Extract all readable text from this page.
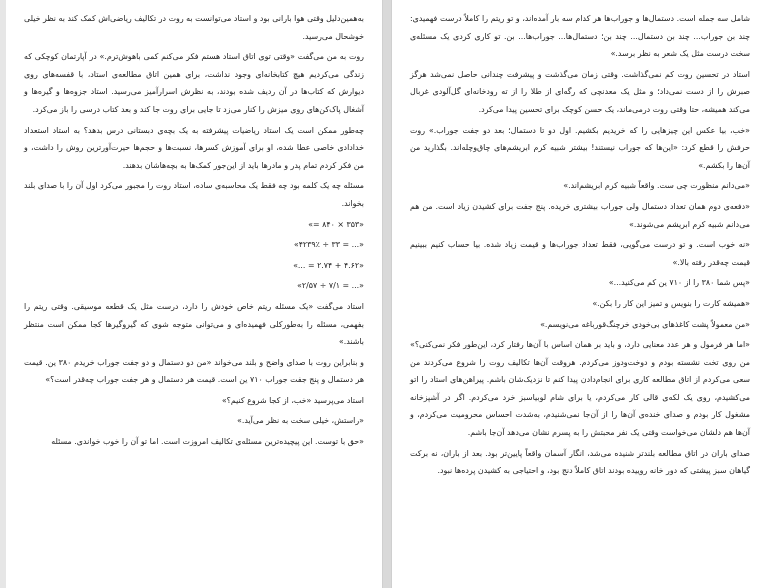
به‌همین‌دلیل وقتی هوا بارانی بود و استاد می‌توانست به روت در تکالیف ریاضی‌اش کمک کند به نظر خیلی خوشحال می‌رسید.

روت به من می‌گفت «وقتی توی اتاق استاد هستم فکر می‌کنم کمی باهوش‌ترم.» در آپارتمان کوچکی که زندگی می‌کردیم هیچ کتابخانه‌ای وجود نداشت، برای همین اتاق مطالعه‌ی استاد، با قفسه‌های روی دیوارش که کتاب‌ها در آن ردیف شده بودند، به نظرش اسرارآمیز می‌رسید. استاد جزوه‌ها و گیره‌ها و آشغال پاک‌کن‌های روی میزش را کنار می‌زد تا جایی برای روت جا کند و بعد کتاب درسی را باز می‌کرد.

چه‌طور ممکن است یک استاد ریاضیات پیشرفته به یک بچه‌ی دبستانی درس بدهد؟ به استاد استعداد خدادادی خاصی عطا شده، او برای آموزش کسرها، نسبت‌ها و حجم‌ها حیرت‌آورترین روش را داشت، و من فکر کردم تمام پدر و مادرها باید از این‌جور کمک‌ها به بچه‌هاشان بدهند.

مسئله چه یک کلمه بود چه فقط یک محاسبه‌ی ساده، استاد روت را مجبور می‌کرد اول آن را با صدای بلند بخواند.

«۳۵۳ × ۸۴۰ =»

«... = ۳۳ ÷ ۴۲۳۹٪»

«۴.۶۲ + ۲.۷۴ = ...»

«... = ۷/۱ ÷ ۲/۵۷»

استاد می‌گفت «یک مسئله ریتم خاص خودش را دارد، درست مثل یک قطعه موسیقی. وقتی ریتم را بفهمی، مسئله را به‌طورکلی فهمیده‌ای و می‌توانی متوجه شوی که گیروگیرها کجا ممکن است منتظر باشند.»

و بنابراین روت با صدای واضح و بلند می‌خواند «من دو دستمال و دو جفت جوراب خریدم ۳۸۰ ین. قیمت هر دستمال و پنج جفت جوراب ۷۱۰ ین است. قیمت هر دستمال و هر جفت جوراب چه‌قدر است؟»

استاد می‌پرسید «خب، از کجا شروع کنیم؟»

«راستش، خیلی سخت به نظر می‌آید.»

«حق با توست. این پیچیده‌ترین مسئله‌ی تکالیف امروزت است. اما تو آن را خوب خواندی. مسئله

شامل سه جمله است. دستمال‌ها و جوراب‌ها هر کدام سه بار آمده‌اند، و تو ریتم را کاملاً درست فهمیدی: چند بن جوراب... چند بن دستمال... چند بن؛ دستمال‌ها... جوراب‌ها... بن. تو کاری کردی یک مسئله‌ی سخت درست مثل یک شعر به نظر برسد.»

استاد در تحسین روت کم نمی‌گذاشت. وقتی زمان می‌گذشت و پیشرفت چندانی حاصل نمی‌شد هرگز صبرش را از دست نمی‌داد؛ و مثل یک معدنچی که رگه‌ای از طلا را از ته رودخانه‌ای گل‌آلودی غربال می‌کند همیشه، حتا وقتی روت درمی‌ماند، یک حسن کوچک برای تحسین پیدا می‌کرد.

«خب، بیا عکس این چیزهایی را که خریدیم بکشیم. اول دو تا دستمال؛ بعد دو جفت جوراب.» روت حرفش را قطع کرد: «این‌ها که جوراب نیستند! بیشتر شبیه کرم ابریشم‌های چاق‌وچله‌اند. بگذارید من آن‌ها را بکشم.»

«می‌دانم منظورت چی ست. واقعاً شبیه کرم ابریشم‌اند.»

«دفعه‌ی دوم همان تعداد دستمال ولی جوراب بیشتری خریده. پنج جفت برای کشیدن زیاد است. من هم می‌دانم شبیه کرم ابریشم می‌شوند.»

«نه خوب است. و تو درست می‌گویی، فقط تعداد جوراب‌ها و قیمت زیاد شده. بیا حساب کنیم ببینیم قیمت چه‌قدر رفته بالا.»

«پس شما ۳۸۰ را از ۷۱۰ ین کم می‌کنید...»

«همیشه کارت را بنویس و تمیز این کار را بکن.»

«من معمولاً پشت کاغذهای بی‌خودی خرچنگ‌قورباغه می‌نویسم.»

«اما هر فرمول و هر عدد معنایی دارد، و باید بر همان اساس با آن‌ها رفتار کرد، این‌طور فکر نمی‌کنی؟» من روی تخت نشسته بودم و دوخت‌ودوز می‌کردم. هروقت آن‌ها تکالیف روت را شروع می‌کردند من سعی می‌کردم از اتاق مطالعه کاری برای انجام‌دادن پیدا کنم تا نزدیک‌شان باشم. پیراهن‌های استاد را اتو می‌کشیدم، روی یک لکه‌ی قالی کار می‌کردم، یا برای شام لوبیاسبز خرد می‌کردم. اگر در آشپزخانه مشغول کار بودم و صدای خنده‌ی آن‌ها را از آن‌جا نمی‌شنیدم، به‌شدت احساس محرومیت می‌کردم، و آن‌ها هم دلشان می‌خواست وقتی یک نفر محبتش را به پسرم نشان می‌دهد آن‌جا باشم.

صدای باران در اتاق مطالعه بلندتر شنیده می‌شد، انگار آسمان واقعاً پایین‌تر بود. بعد از باران، نه برکت گیاهان سبز پیشتی که دور خانه روییده بودند اتاق کاملاً دنج بود، و احتیاجی به کشیدن پرده‌ها نبود.
